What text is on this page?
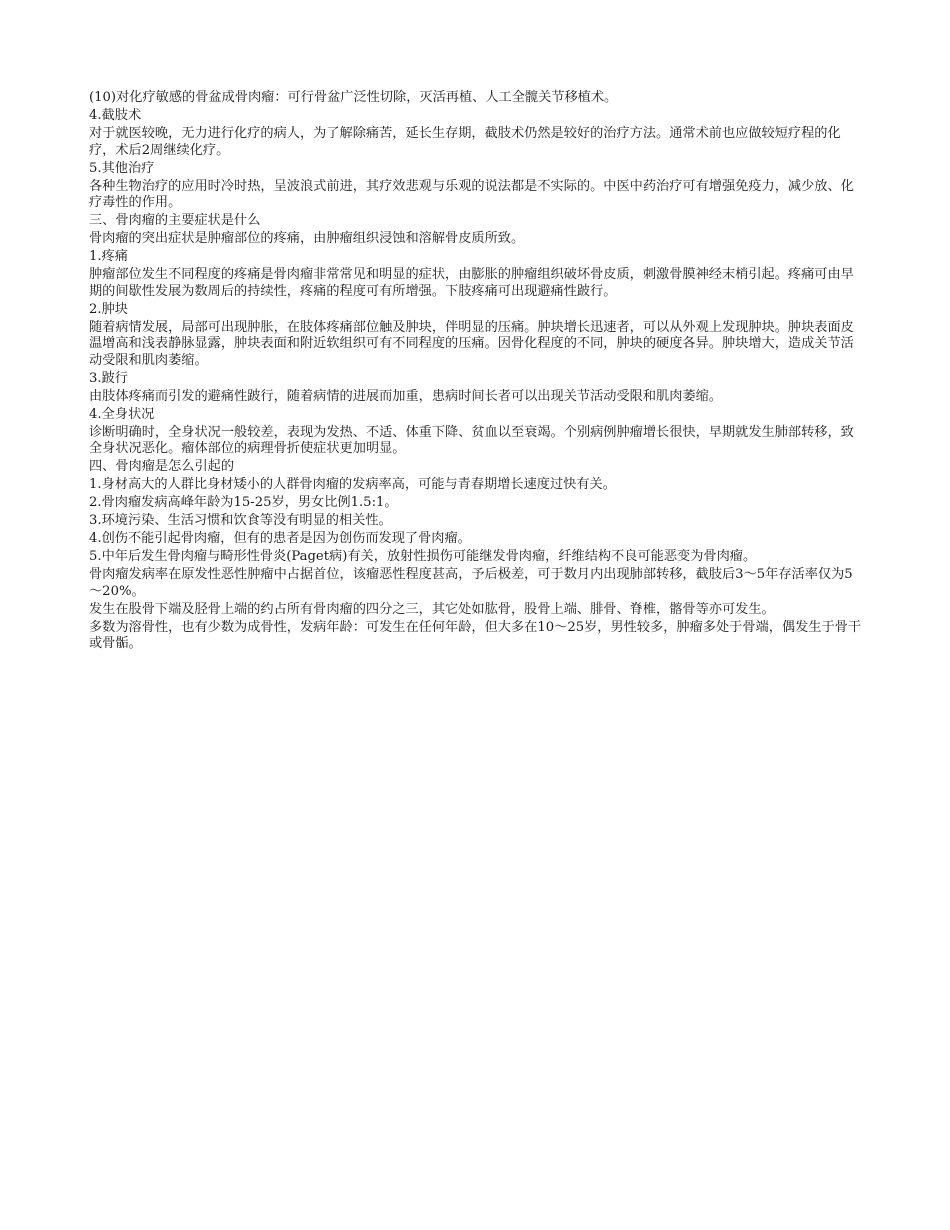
(10)对化疗敏感的骨盆成骨肉瘤：可行骨盆广泛性切除，灭活再植、人工全髋关节移植术。

4.截肢术

对于就医较晚，无力进行化疗的病人，为了解除痛苦，延长生存期，截肢术仍然是较好的治疗方法。通常术前也应做较短疗程的化疗，术后2周继续化疗。

5.其他治疗

各种生物治疗的应用时冷时热，呈波浪式前进，其疗效悲观与乐观的说法都是不实际的。中医中药治疗可有增强免疫力，减少放、化疗毒性的作用。

三、骨肉瘤的主要症状是什么

骨肉瘤的突出症状是肿瘤部位的疼痛，由肿瘤组织浸蚀和溶解骨皮质所致。

1.疼痛

肿瘤部位发生不同程度的疼痛是骨肉瘤非常常见和明显的症状，由膨胀的肿瘤组织破坏骨皮质，刺激骨膜神经末梢引起。疼痛可由早期的间歇性发展为数周后的持续性，疼痛的程度可有所增强。下肢疼痛可出现避痛性跛行。

2.肿块

随着病情发展，局部可出现肿胀，在肢体疼痛部位触及肿块，伴明显的压痛。肿块增长迅速者，可以从外观上发现肿块。肿块表面皮温增高和浅表静脉显露，肿块表面和附近软组织可有不同程度的压痛。因骨化程度的不同，肿块的硬度各异。肿块增大，造成关节活动受限和肌肉萎缩。

3.跛行

由肢体疼痛而引发的避痛性跛行，随着病情的进展而加重，患病时间长者可以出现关节活动受限和肌肉萎缩。

4.全身状况

诊断明确时，全身状况一般较差，表现为发热、不适、体重下降、贫血以至衰竭。个别病例肿瘤增长很快，早期就发生肺部转移，致全身状况恶化。瘤体部位的病理骨折使症状更加明显。

四、骨肉瘤是怎么引起的

1.身材高大的人群比身材矮小的人群骨肉瘤的发病率高，可能与青春期增长速度过快有关。

2.骨肉瘤发病高峰年龄为15-25岁，男女比例1.5:1。

3.环境污染、生活习惯和饮食等没有明显的相关性。

4.创伤不能引起骨肉瘤，但有的患者是因为创伤而发现了骨肉瘤。

5.中年后发生骨肉瘤与畸形性骨炎(Paget病)有关，放射性损伤可能继发骨肉瘤，纤维结构不良可能恶变为骨肉瘤。

骨肉瘤发病率在原发性恶性肿瘤中占据首位，该瘤恶性程度甚高，予后极差，可于数月内出现肺部转移，截肢后3～5年存活率仅为5～20%。

发生在股骨下端及胫骨上端的约占所有骨肉瘤的四分之三，其它处如肱骨，股骨上端、腓骨、脊椎，髂骨等亦可发生。

多数为溶骨性，也有少数为成骨性，发病年龄：可发生在任何年龄，但大多在10～25岁，男性较多，肿瘤多处于骨端，偶发生于骨干或骨骺。
